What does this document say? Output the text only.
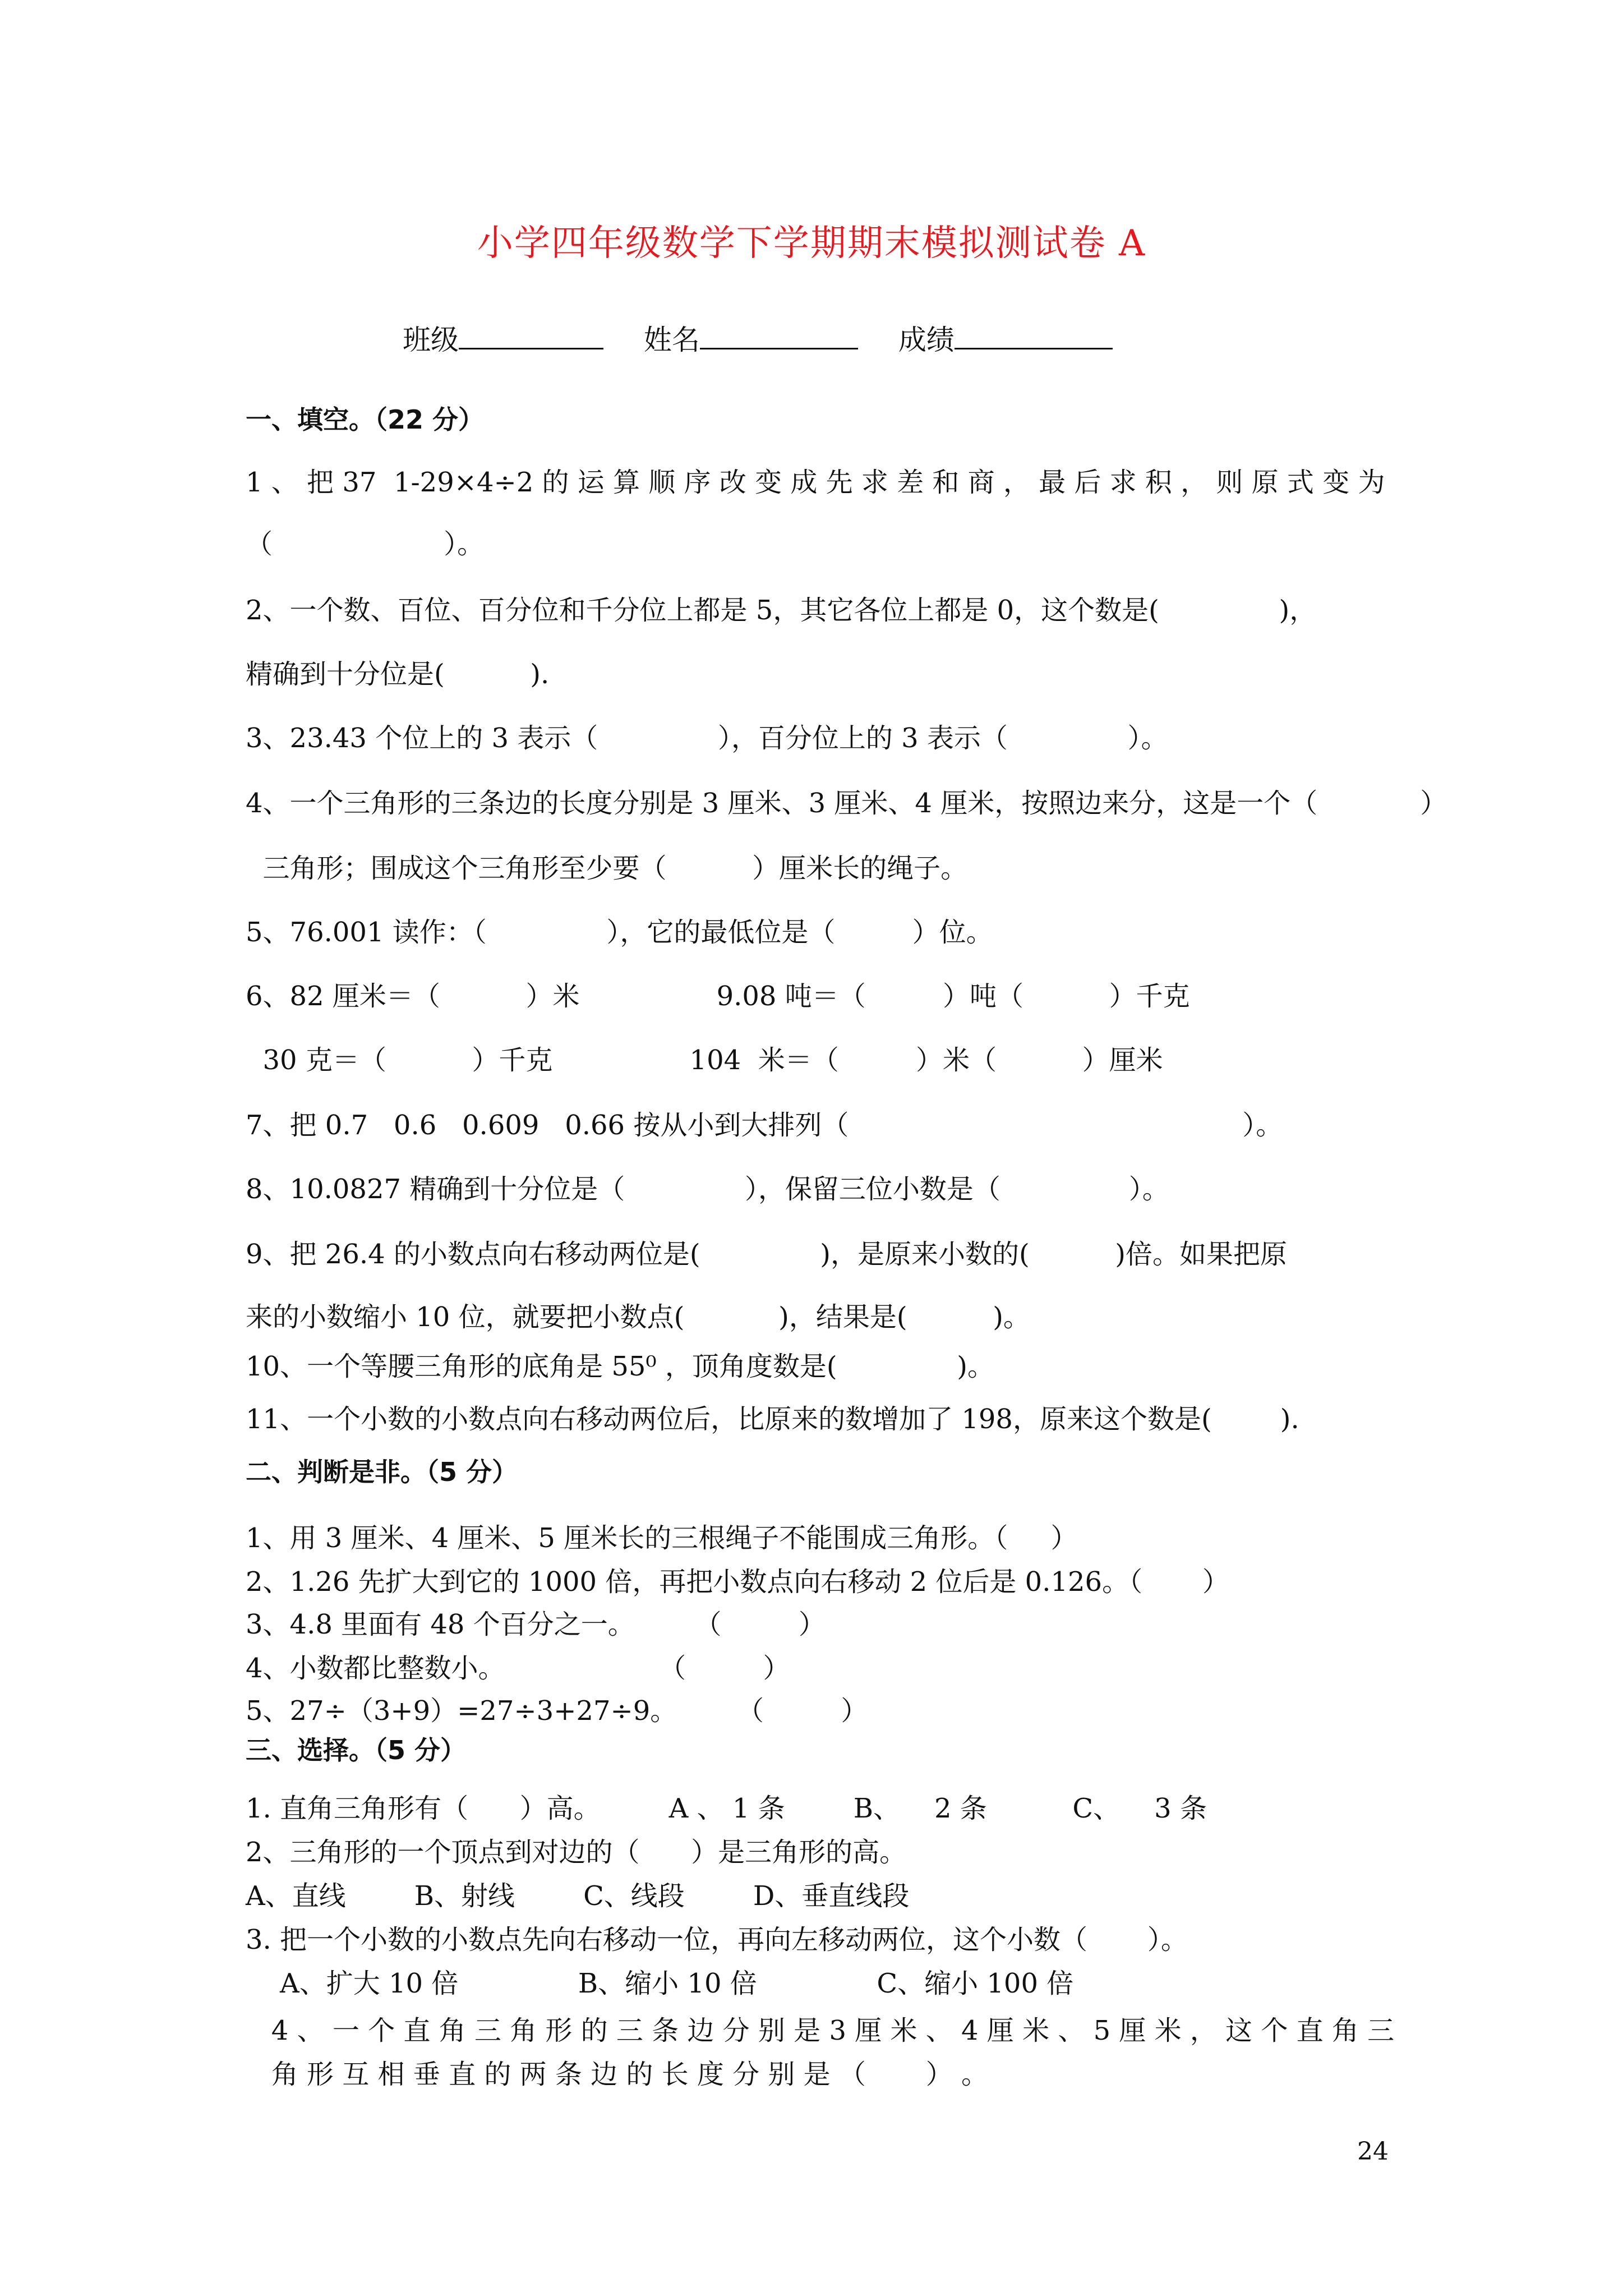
小学四年级数学下学期期末模拟测试卷 A
班级	姓名	成绩
一、填空。（22 分）
1 、 把 37  1-29×4÷2 的 运 算 顺 序 改 变 成 先 求 差 和 商 ， 最 后 求 积 ， 则 原 式 变 为
（                    ）。
2、一个数、百位、百分位和千分位上都是 5，其它各位上都是 0，这个数是(              )，
精确到十分位是(          ).
3、23.43 个位上的 3 表示（              ），百分位上的 3 表示（              ）。
4、一个三角形的三条边的长度分别是 3 厘米、3 厘米、4 厘米，按照边来分，这是一个（            ）
三角形；围成这个三角形至少要（          ）厘米长的绳子。
5、76.001 读作：（              ），它的最低位是（         ）位。
6、82 厘米＝（          ）米                9.08 吨＝（         ）吨（          ）千克
30 克＝（          ）千克                104  米＝（         ）米（          ）厘米
7、把 0.7   0.6   0.609   0.66 按从小到大排列（                                              ）。
8、10.0827 精确到十分位是（              ），保留三位小数是（               ）。
9、把 26.4 的小数点向右移动两位是(              )，是原来小数的(          )倍。如果把原
来的小数缩小 10 位，就要把小数点(           )，结果是(          )。
10、一个等腰三角形的底角是 55⁰ ，顶角度数是(              )。
11、一个小数的小数点向右移动两位后，比原来的数增加了 198，原来这个数是(        ).
二、判断是非。（5 分）
1、用 3 厘米、4 厘米、5 厘米长的三根绳子不能围成三角形。（     ）
2、1.26 先扩大到它的 1000 倍，再把小数点向右移动 2 位后是 0.126。（       ）
3、4.8 里面有 48 个百分之一。       （         ）
4、小数都比整数小。                  （         ）
5、27÷（3+9）=27÷3+27÷9。       （         ）
三、选择。（5 分）
1. 直角三角形有（      ）高。        A 、 1 条        B、    2 条          C、    3 条
2、三角形的一个顶点到对边的（      ）是三角形的高。
A、直线        B、射线        C、线段        D、垂直线段
3. 把一个小数的小数点先向右移动一位，再向左移动两位，这个小数（       ）。
A、扩大 10 倍              B、缩小 10 倍              C、缩小 100 倍
4 、 一 个 直 角 三 角 形 的 三 条 边 分 别 是 3 厘 米 、 4 厘 米 、 5 厘 米 ， 这 个 直 角 三
角 形 互 相 垂 直 的 两 条 边 的 长 度 分 别 是 （       ） 。
24
